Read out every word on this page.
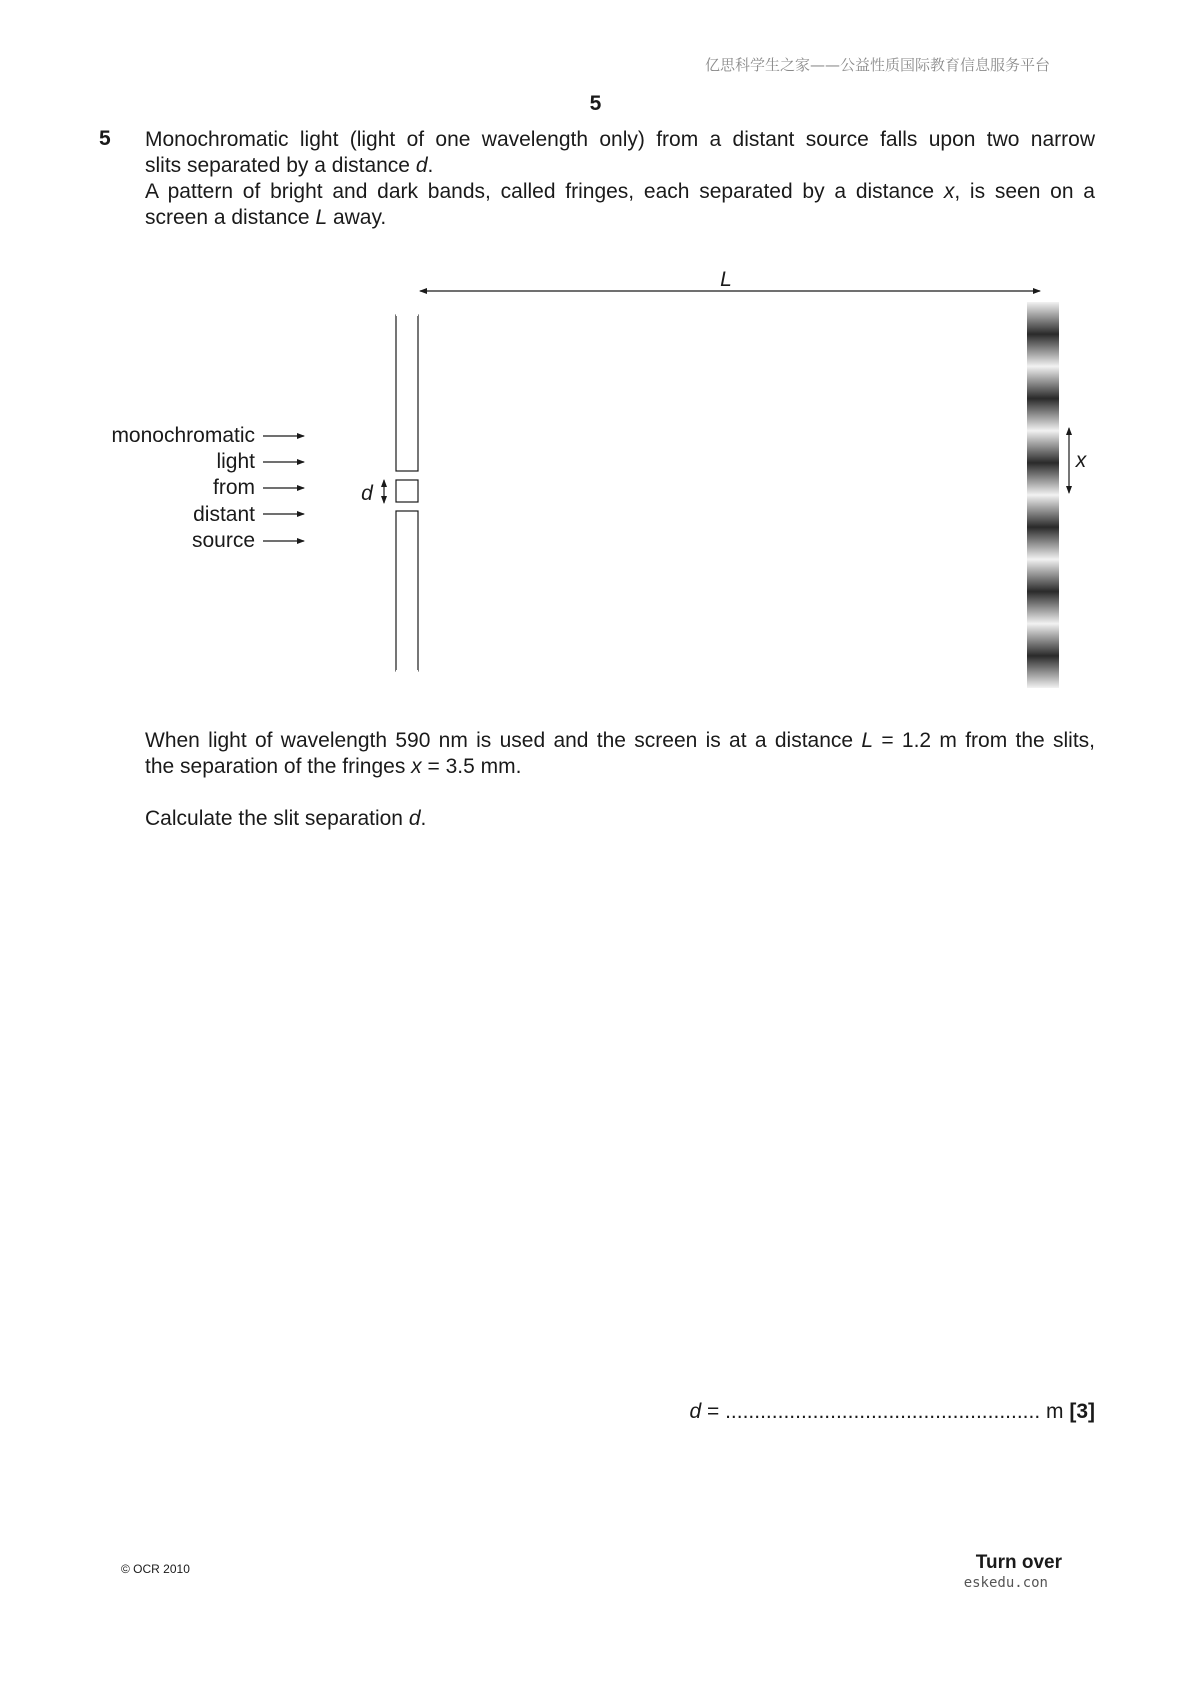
亿思科学生之家——公益性质国际教育信息服务平台
5
5 Monochromatic light (light of one wavelength only) from a distant source falls upon two narrow
slits separated by a distance d.
A pattern of bright and dark bands, called fringes, each separated by a distance x, is seen on a
screen a distance L away.
L
d
x
monochromatic
light
from
distant
source
When light of wavelength 590 nm is used and the screen is at a distance L = 1.2 m from the slits,
the separation of the fringes x = 3.5 mm.
Calculate the slit separation d.
d = ...................................................... m [3]
© OCR 2010	Turn over
eskedu.con
